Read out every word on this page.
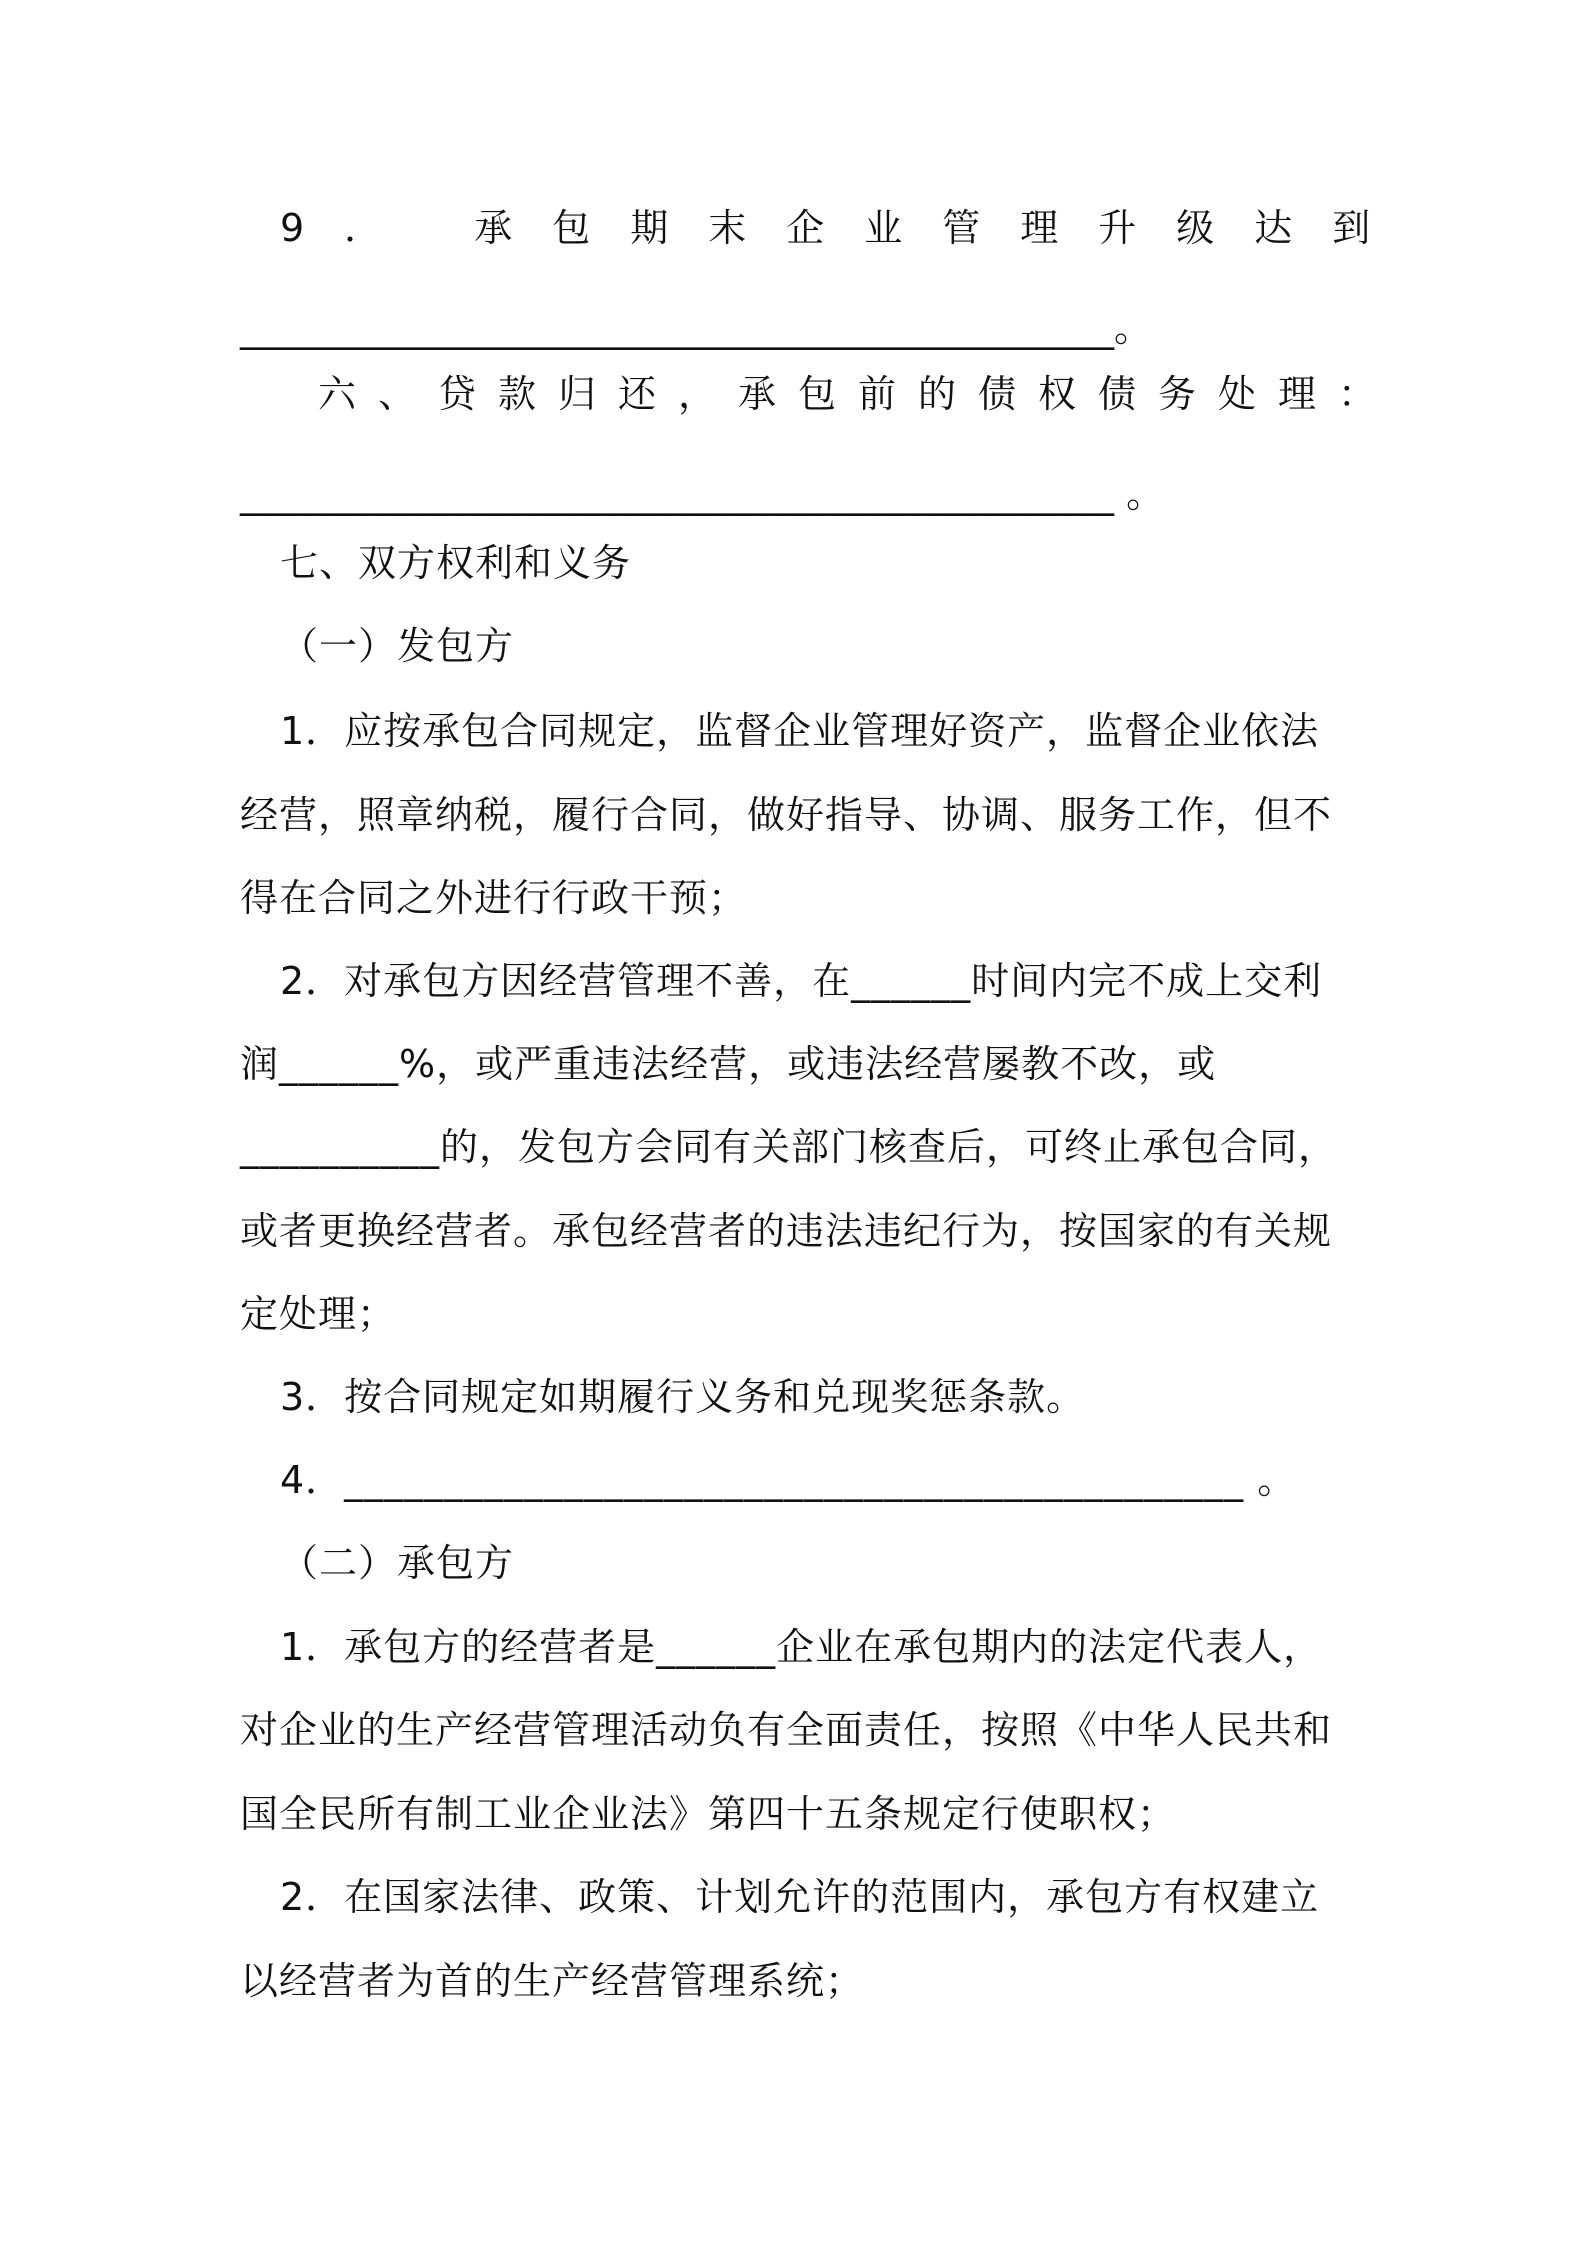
9． 承包期末企业管理升级达到
______________________________________________。
六、贷款归还，承包前的债权债务处理：
______________________________________________ 。
七、双方权利和义务
（一）发包方
1．应按承包合同规定，监督企业管理好资产，监督企业依法
经营，照章纳税，履行合同，做好指导、协调、服务工作，但不
得在合同之外进行行政干预；
2．对承包方因经营管理不善，在______时间内完不成上交利
润______%，或严重违法经营，或违法经营屡教不改，或
__________的，发包方会同有关部门核查后，可终止承包合同，
或者更换经营者。承包经营者的违法违纪行为，按国家的有关规
定处理；
3．按合同规定如期履行义务和兑现奖惩条款。
4．_____________________________________________ 。
（二）承包方
1．承包方的经营者是______企业在承包期内的法定代表人，
对企业的生产经营管理活动负有全面责任，按照《中华人民共和
国全民所有制工业企业法》第四十五条规定行使职权；
2．在国家法律、政策、计划允许的范围内，承包方有权建立
以经营者为首的生产经营管理系统；
